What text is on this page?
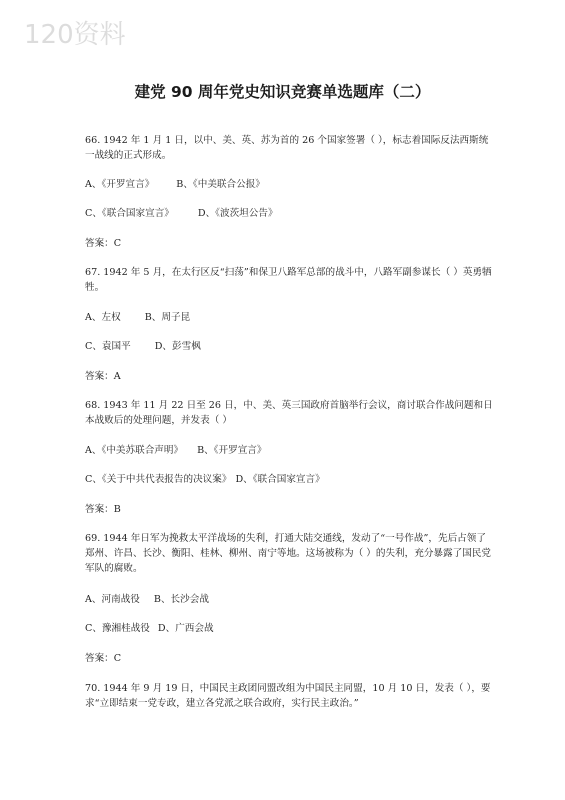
120资料
建党 90 周年党史知识竞赛单选题库（二）
66. 1942 年 1 月 1 日，以中、美、英、苏为首的 26 个国家签署（ ），标志着国际反法西斯统一战线的正式形成。
A、《开罗宣言》 B、《中美联合公报》
C、《联合国家宣言》	D、《波茨坦公告》
答案：C
67. 1942 年 5 月，在太行区反“扫荡”和保卫八路军总部的战斗中，八路军副参谋长（ ）英勇牺牲。
A、左权	B、周子昆
C、袁国平	D、彭雪枫
答案：A
68. 1943 年 11 月 22 日至 26 日，中、美、英三国政府首脑举行会议，商讨联合作战问题和日本战败后的处理问题，并发表（ ）
A、《中美苏联合声明》 B、《开罗宣言》
C、《关于中共代表报告的决议案》 D、《联合国家宣言》
答案：B
69. 1944 年日军为挽救太平洋战场的失利，打通大陆交通线，发动了“一号作战”，先后占领了郑州、许昌、长沙、衡阳、桂林、柳州、南宁等地。这场被称为（ ）的失利，充分暴露了国民党军队的腐败。
A、河南战役 B、长沙会战
C、豫湘桂战役 D、广西会战
答案：C
70. 1944 年 9 月 19 日，中国民主政团同盟改组为中国民主同盟，10 月 10 日，发表（ ），要求“立即结束一党专政，建立各党派之联合政府，实行民主政治。”
